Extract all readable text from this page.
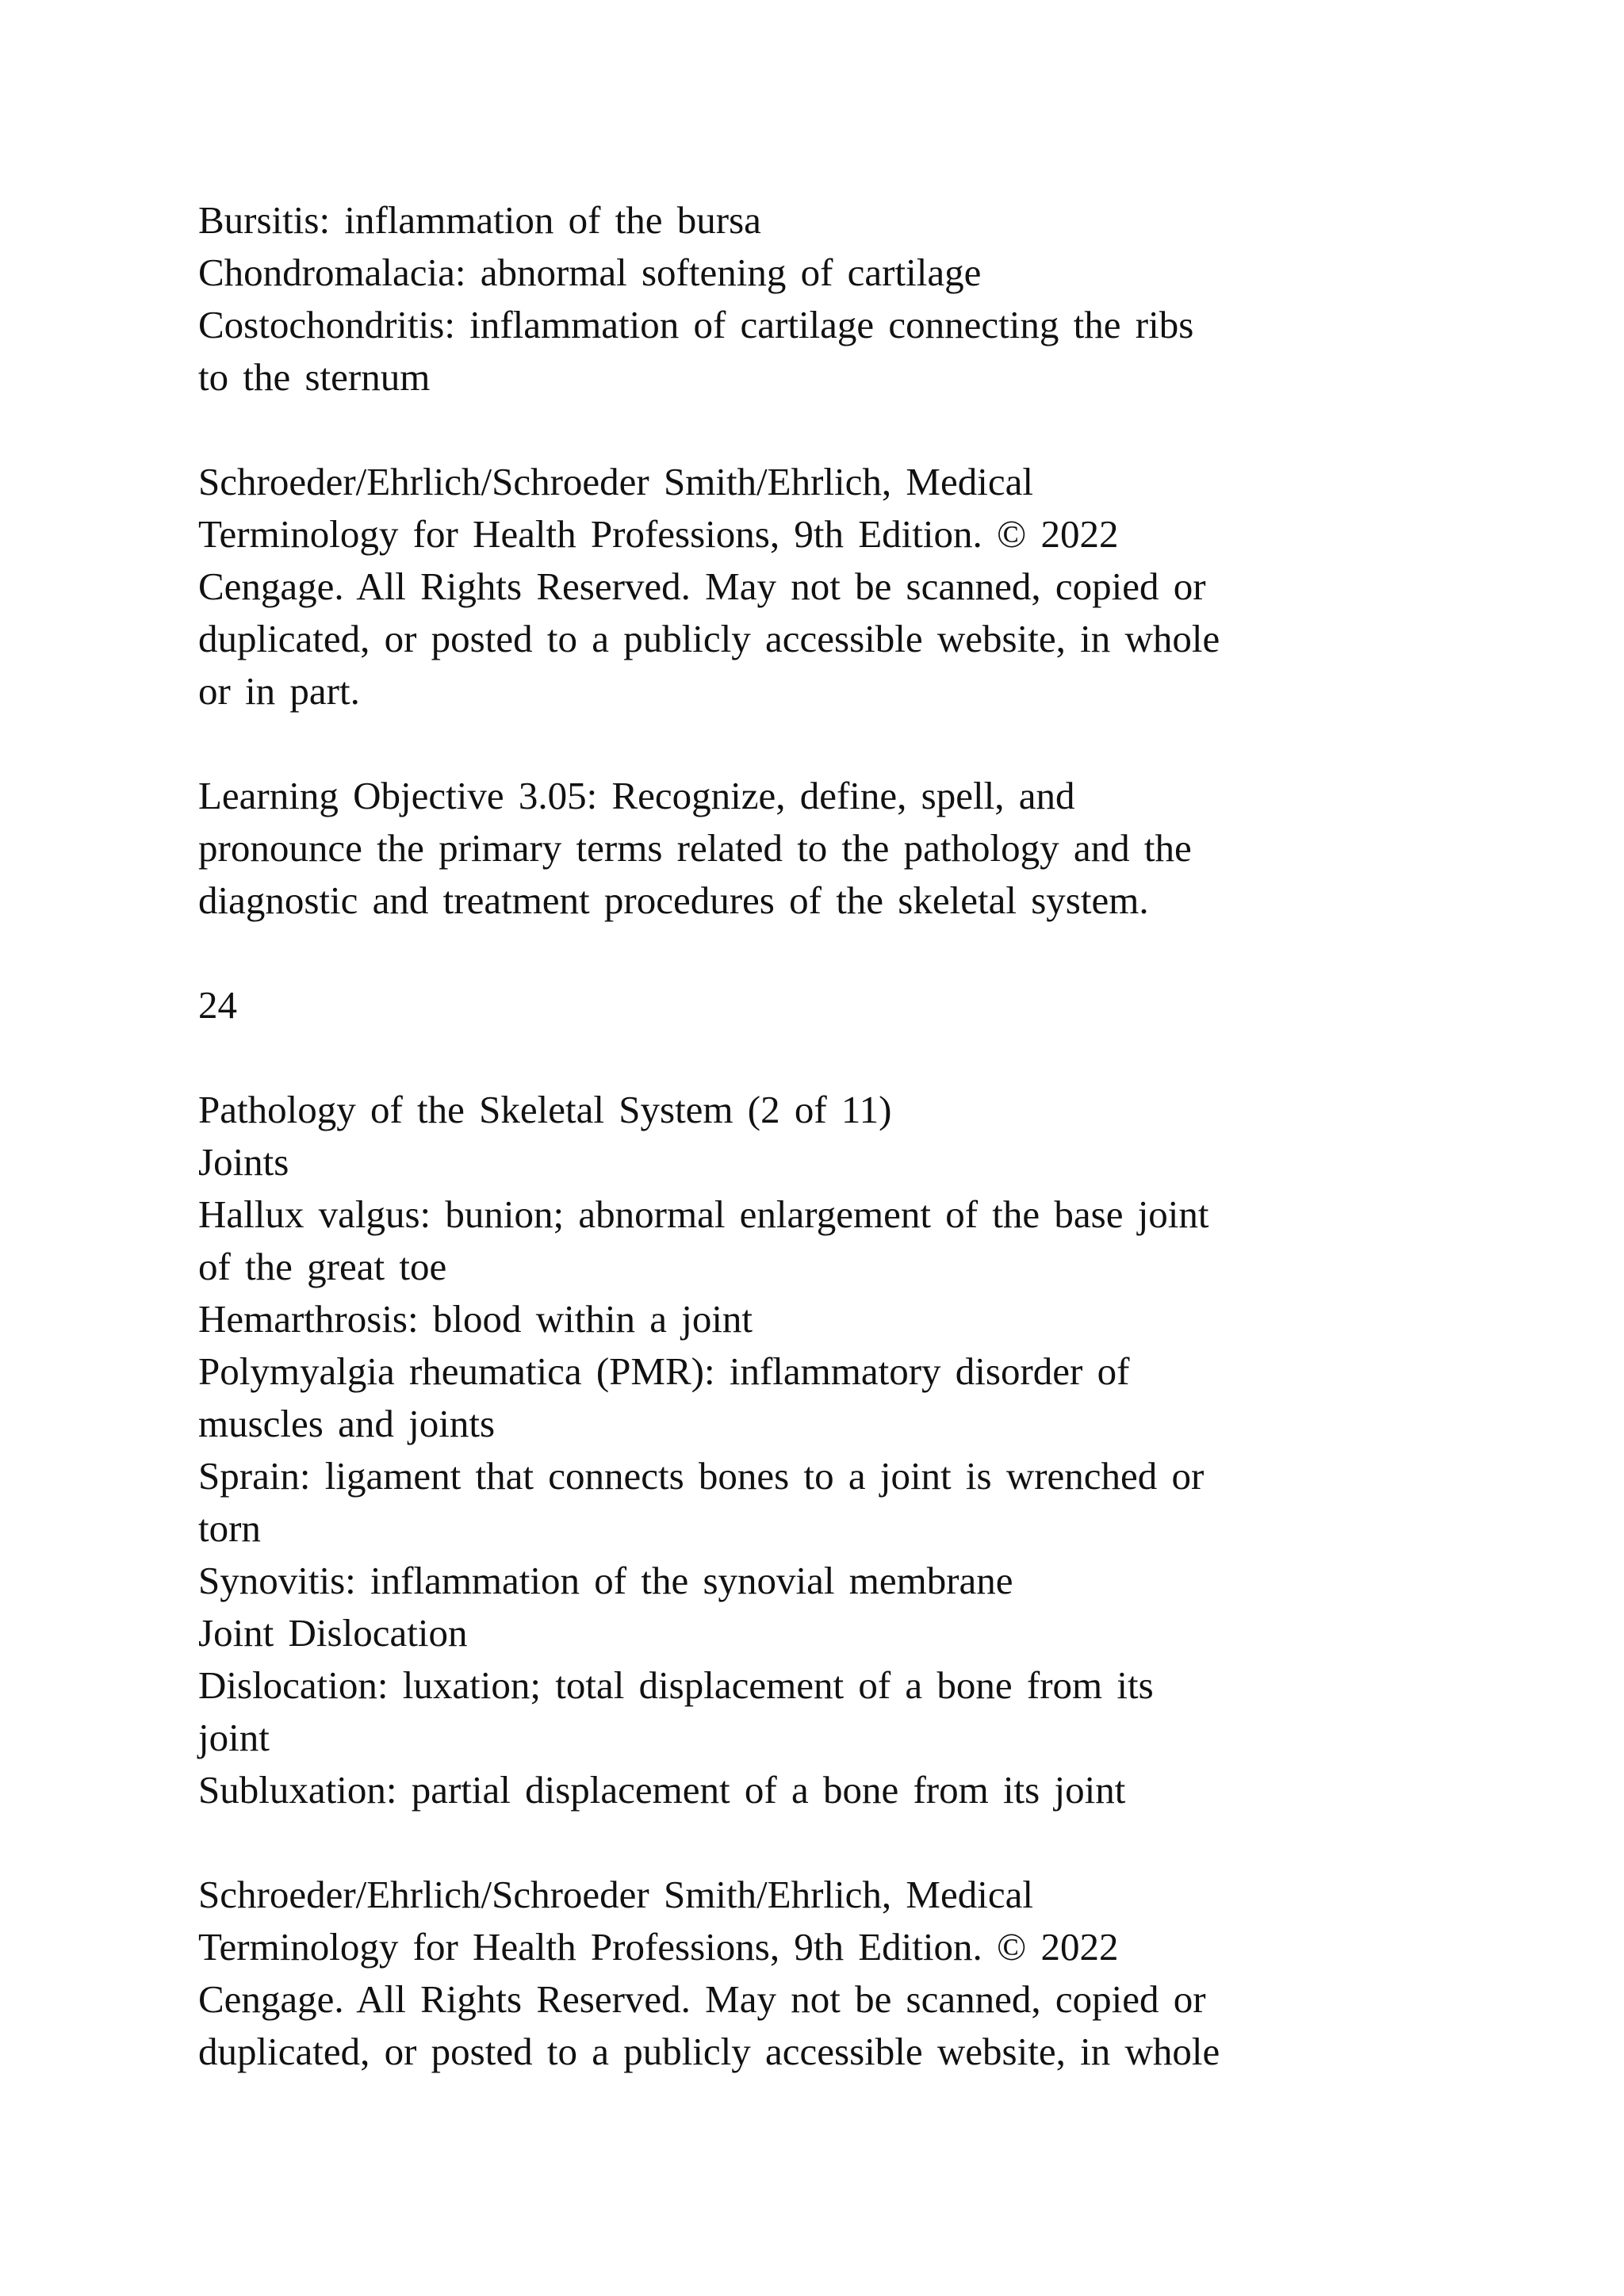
Bursitis: inflammation of the bursa
Chondromalacia: abnormal softening of cartilage
Costochondritis: inflammation of cartilage connecting the ribs
to the sternum
Schroeder/Ehrlich/Schroeder Smith/Ehrlich, Medical
Terminology for Health Professions, 9th Edition. © 2022
Cengage. All Rights Reserved. May not be scanned, copied or
duplicated, or posted to a publicly accessible website, in whole
or in part.
Learning Objective 3.05: Recognize, define, spell, and
pronounce the primary terms related to the pathology and the
diagnostic and treatment procedures of the skeletal system.
24
Pathology of the Skeletal System (2 of 11)
Joints
Hallux valgus: bunion; abnormal enlargement of the base joint
of the great toe
Hemarthrosis: blood within a joint
Polymyalgia rheumatica (PMR): inflammatory disorder of
muscles and joints
Sprain: ligament that connects bones to a joint is wrenched or
torn
Synovitis: inflammation of the synovial membrane
Joint Dislocation
Dislocation: luxation; total displacement of a bone from its
joint
Subluxation: partial displacement of a bone from its joint
Schroeder/Ehrlich/Schroeder Smith/Ehrlich, Medical
Terminology for Health Professions, 9th Edition. © 2022
Cengage. All Rights Reserved. May not be scanned, copied or
duplicated, or posted to a publicly accessible website, in whole
